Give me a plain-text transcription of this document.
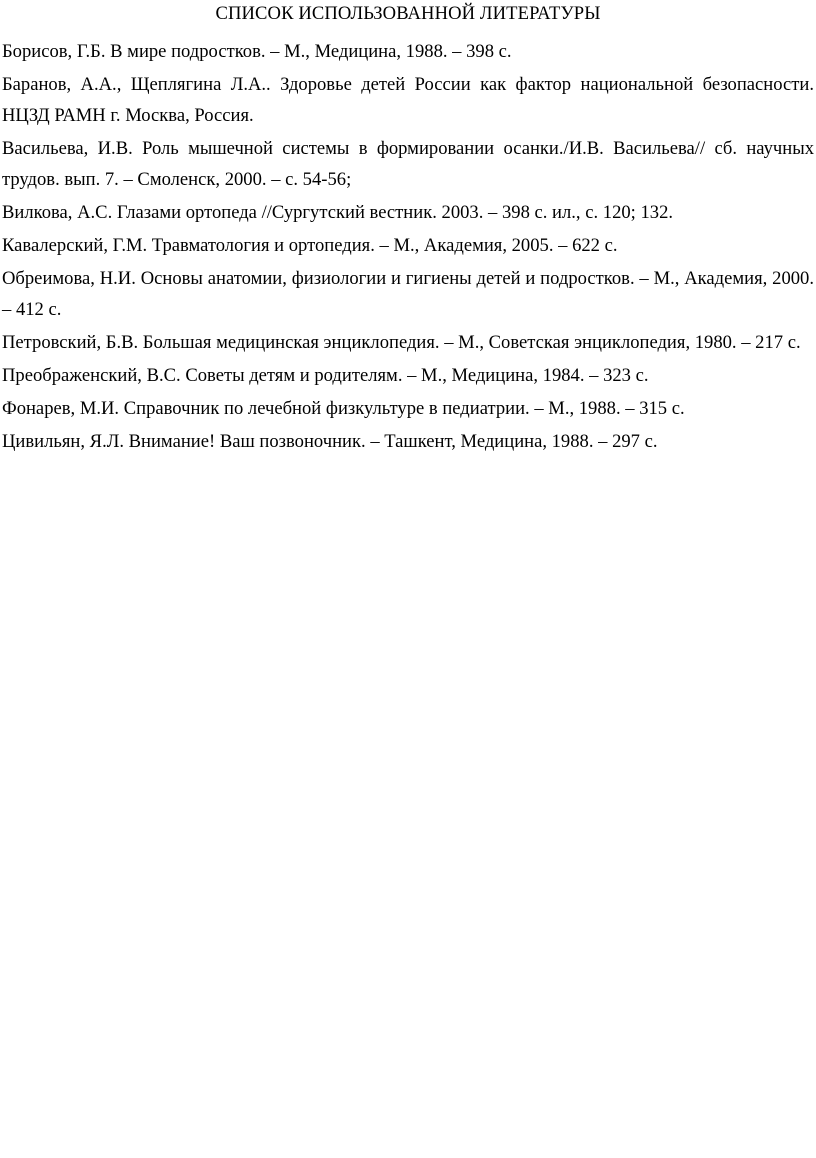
СПИСОК ИСПОЛЬЗОВАННОЙ ЛИТЕРАТУРЫ
Борисов, Г.Б. В мире подростков. – М., Медицина, 1988. – 398 с.
Баранов, А.А., Щеплягина Л.А.. Здоровье детей России как фактор национальной безопасности. НЦЗД РАМН г. Москва, Россия.
Васильева, И.В. Роль мышечной системы в формировании осанки./И.В. Васильева// сб. научных трудов. вып. 7. – Смоленск, 2000. – с. 54-56;
Вилкова, А.С. Глазами ортопеда //Сургутский вестник. 2003. – 398 с. ил., с. 120; 132.
Кавалерский, Г.М. Травматология и ортопедия. – М., Академия, 2005. – 622 с.
Обреимова, Н.И. Основы анатомии, физиологии и гигиены детей и подростков. – М., Академия, 2000. – 412 с.
Петровский, Б.В. Большая медицинская энциклопедия. – М., Советская энциклопедия, 1980. – 217 с.
Преображенский, В.С. Советы детям и родителям. – М., Медицина, 1984. – 323 с.
Фонарев, М.И. Справочник по лечебной физкультуре в педиатрии. – М., 1988. – 315 с.
Цивильян, Я.Л. Внимание! Ваш позвоночник. – Ташкент, Медицина, 1988. – 297 с.
